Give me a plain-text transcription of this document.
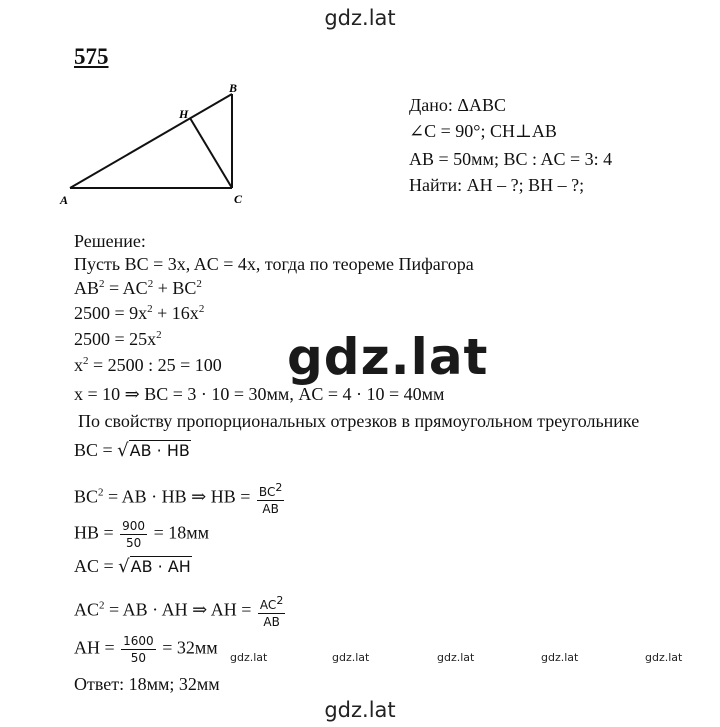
gdz.lat
575
A
B
C
H	Дано: ΔABC
∠C = 90°; CH⊥AB
AB = 50мм; BC : AC = 3: 4
Найти: AH – ?; BH – ?;
Решение:
Пусть BC = 3x, AC = 4x, тогда по теореме Пифагора
$AB^2 = AC^2 + BC^2$
$2500 = 9x^2 + 16x^2$
$2500 = 25x^2$
$x^2 = 2500$ : 25 = 100
x = 10 ⇒ BC = 3 · 10 = 30мм, AC = 4 · 10 = 40мм
По свойству пропорциональных отрезков в прямоугольном треугольнике
BC = √AB · HB
$BC^2$ = AB · HB ⇒ HB = $\frac{BC^2}{AB}$
HB = $\frac{900}{50} = 18мм$
AC = √AB · AH
$AC^2$ = AB · AH ⇒ AH = $\frac{AC^2}{AB}$
AH = $\frac{1600}{50} = 32мм$
Ответ: 18мм; 32мм
gdz.lat
gdz.lat	gdz.lat	gdz.lat	gdz.lat	gdz.lat
gdz.lat
